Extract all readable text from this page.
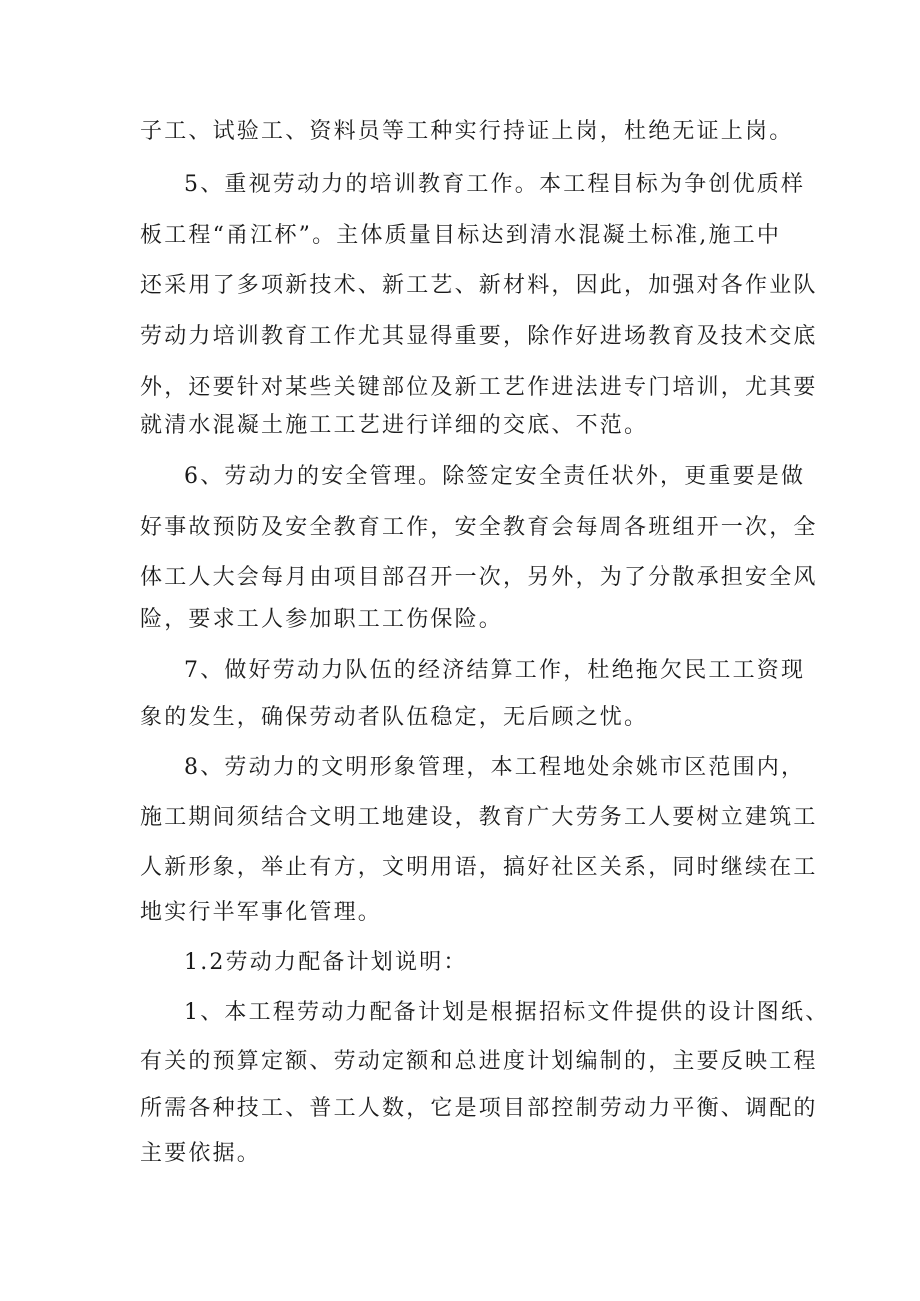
子工、试验工、资料员等工种实行持证上岗，杜绝无证上岗。
5、重视劳动力的培训教育工作。本工程目标为争创优质样
板工程“甬江杯”。主体质量目标达到清水混凝土标准,施工中
还采用了多项新技术、新工艺、新材料，因此，加强对各作业队
劳动力培训教育工作尤其显得重要，除作好进场教育及技术交底
外，还要针对某些关键部位及新工艺作进法进专门培训，尤其要
就清水混凝土施工工艺进行详细的交底、不范。
6、劳动力的安全管理。除签定安全责任状外，更重要是做
好事故预防及安全教育工作，安全教育会每周各班组开一次，全
体工人大会每月由项目部召开一次，另外，为了分散承担安全风
险，要求工人参加职工工伤保险。
7、做好劳动力队伍的经济结算工作，杜绝拖欠民工工资现
象的发生，确保劳动者队伍稳定，无后顾之忧。
8、劳动力的文明形象管理，本工程地处余姚市区范围内，
施工期间须结合文明工地建设，教育广大劳务工人要树立建筑工
人新形象，举止有方，文明用语，搞好社区关系，同时继续在工
地实行半军事化管理。
1.2劳动力配备计划说明：
1、本工程劳动力配备计划是根据招标文件提供的设计图纸、
有关的预算定额、劳动定额和总进度计划编制的，主要反映工程
所需各种技工、普工人数，它是项目部控制劳动力平衡、调配的
主要依据。
